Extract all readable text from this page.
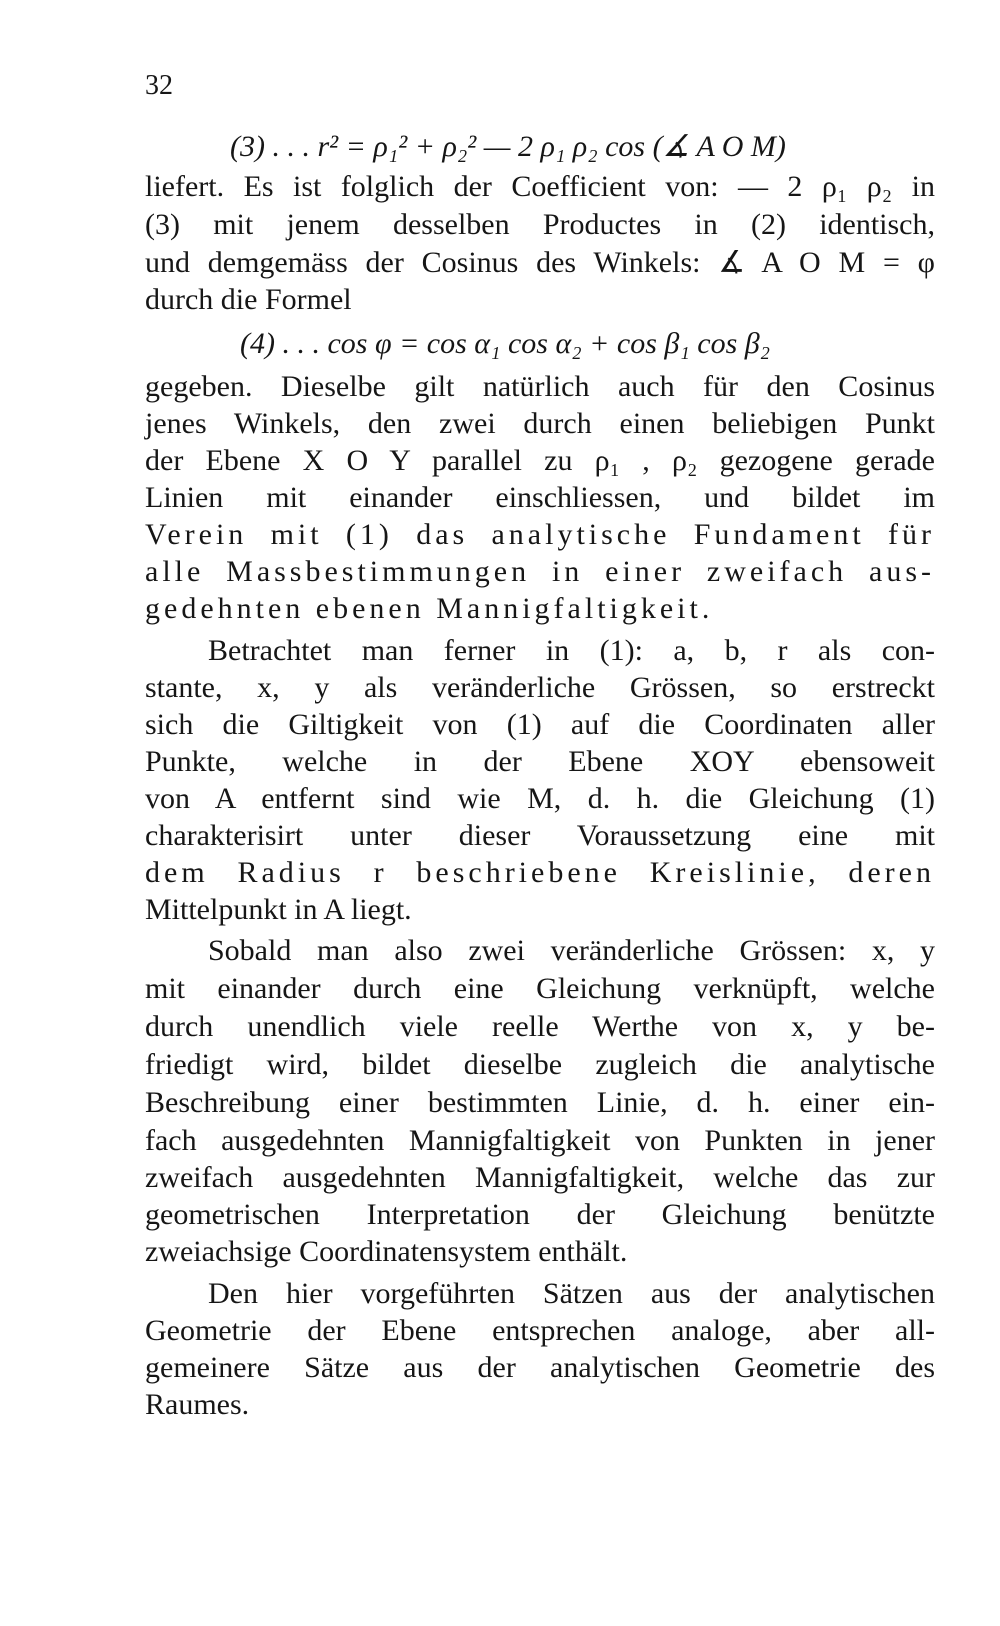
32
(3) . . . r² = ρ₁² + ρ₂² — 2 ρ₁ ρ₂ cos (∡ A O M)
liefert. Es ist folglich der Coefficient von: — 2 ρ₁ ρ₂ in
(3) mit jenem desselben Productes in (2) identisch,
und demgemäss der Cosinus des Winkels: ∡ A O M = φ
durch die Formel
(4) . . . cos φ = cos α₁ cos α₂ + cos β₁ cos β₂
gegeben. Dieselbe gilt natürlich auch für den Cosinus
jenes Winkels, den zwei durch einen beliebigen Punkt
der Ebene X O Y parallel zu ρ₁ , ρ₂ gezogene gerade
Linien mit einander einschliessen, und bildet im
Verein mit (1) das analytische Fundament für
alle Massbestimmungen in einer zweifach aus-
gedehnten ebenen Mannigfaltigkeit.
Betrachtet man ferner in (1): a, b, r als con-
stante, x, y als veränderliche Grössen, so erstreckt
sich die Giltigkeit von (1) auf die Coordinaten aller
Punkte, welche in der Ebene XOY ebensoweit
von A entfernt sind wie M, d. h. die Gleichung (1)
charakterisirt unter dieser Voraussetzung eine mit
dem Radius r beschriebene Kreislinie, deren
Mittelpunkt in A liegt.
Sobald man also zwei veränderliche Grössen: x, y
mit einander durch eine Gleichung verknüpft, welche
durch unendlich viele reelle Werthe von x, y be-
friedigt wird, bildet dieselbe zugleich die analytische
Beschreibung einer bestimmten Linie, d. h. einer ein-
fach ausgedehnten Mannigfaltigkeit von Punkten in jener
zweifach ausgedehnten Mannigfaltigkeit, welche das zur
geometrischen Interpretation der Gleichung benützte
zweiachsige Coordinatensystem enthält.
Den hier vorgeführten Sätzen aus der analytischen
Geometrie der Ebene entsprechen analoge, aber all-
gemeinere Sätze aus der analytischen Geometrie des
Raumes.
